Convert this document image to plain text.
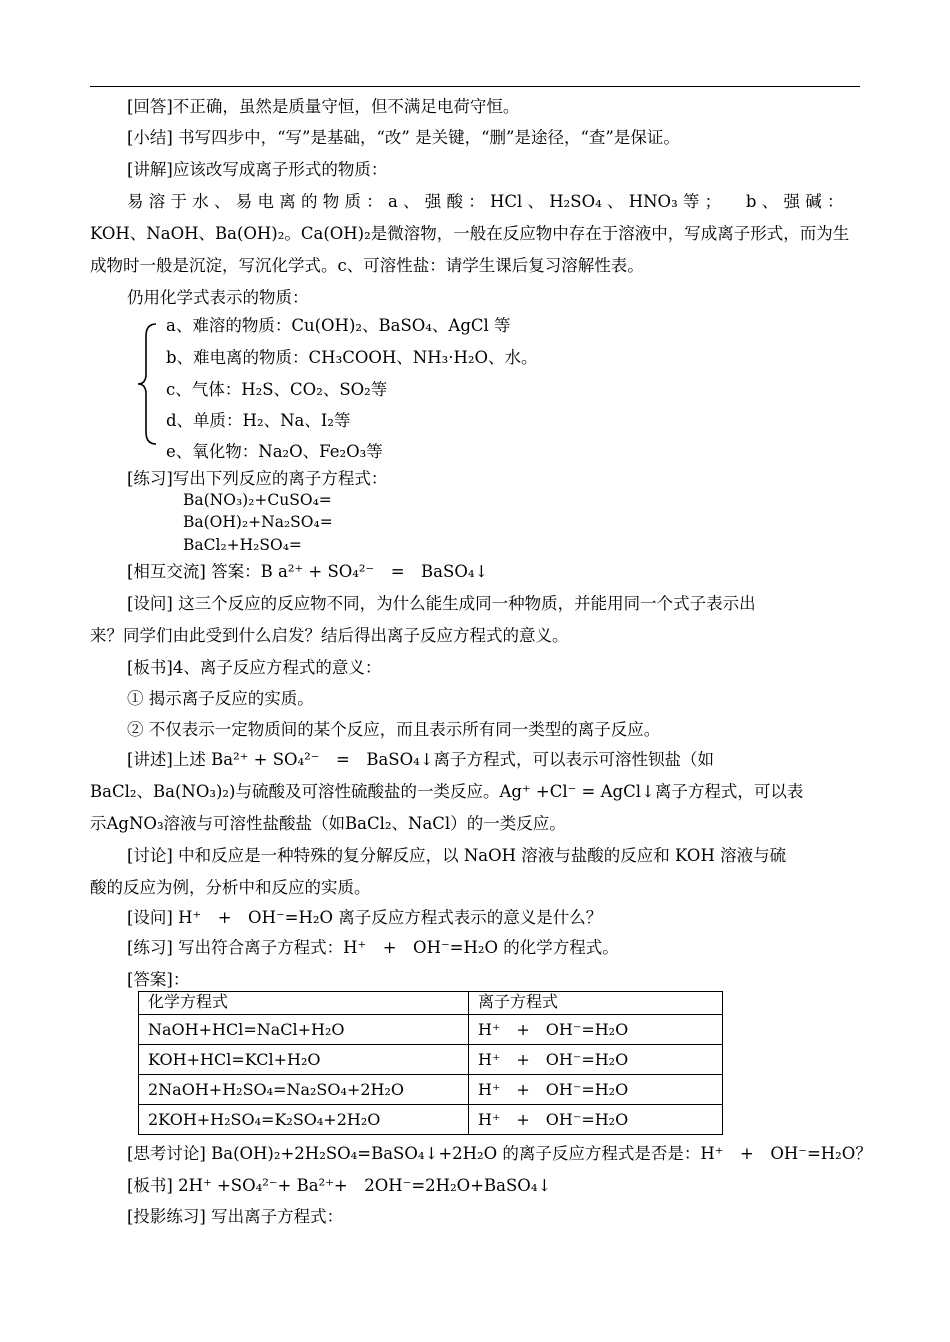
[回答]不正确，虽然是质量守恒，但不满足电荷守恒。
[小结] 书写四步中，“写”是基础，“改” 是关键，“删”是途径，“查”是保证。
[讲解]应该改写成离子形式的物质：
易 溶 于 水 、 易 电 离 的 物 质 ： a 、 强 酸 ： HCl 、 H₂SO₄ 、 HNO₃ 等 ；　　b 、 强 碱 ：
KOH、NaOH、Ba(OH)₂。Ca(OH)₂是微溶物，一般在反应物中存在于溶液中，写成离子形式，而为生
成物时一般是沉淀，写沉化学式。c、可溶性盐：请学生课后复习溶解性表。
仍用化学式表示的物质：
a、难溶的物质：Cu(OH)₂、BaSO₄、AgCl 等
b、难电离的物质：CH₃COOH、NH₃·H₂O、水。
c、气体：H₂S、CO₂、SO₂等
d、单质：H₂、Na、I₂等
e、氧化物：Na₂O、Fe₂O₃等
[练习]写出下列反应的离子方程式：
Ba(NO₃)₂+CuSO₄=
Ba(OH)₂+Na₂SO₄=
BaCl₂+H₂SO₄=
[相互交流] 答案：B a²⁺ + SO₄²⁻　=　BaSO₄↓
[设问] 这三个反应的反应物不同，为什么能生成同一种物质，并能用同一个式子表示出
来？同学们由此受到什么启发？结后得出离子反应方程式的意义。
[板书]4、离子反应方程式的意义：
① 揭示离子反应的实质。
② 不仅表示一定物质间的某个反应，而且表示所有同一类型的离子反应。
[讲述]上述 Ba²⁺ + SO₄²⁻　=　BaSO₄↓离子方程式，可以表示可溶性钡盐（如
BaCl₂、Ba(NO₃)₂)与硫酸及可溶性硫酸盐的一类反应。Ag⁺ +Cl⁻ = AgCl↓离子方程式，可以表
示AgNO₃溶液与可溶性盐酸盐（如BaCl₂、NaCl）的一类反应。
[讨论] 中和反应是一种特殊的复分解反应，以 NaOH 溶液与盐酸的反应和 KOH 溶液与硫
酸的反应为例，分析中和反应的实质。
[设问] H⁺　+　OH⁻=H₂O 离子反应方程式表示的意义是什么？
[练习] 写出符合离子方程式：H⁺　+　OH⁻=H₂O 的化学方程式。
[答案]：
化学方程式	离子方程式
NaOH+HCl=NaCl+H₂O	H⁺　+　OH⁻=H₂O
KOH+HCl=KCl+H₂O	H⁺　+　OH⁻=H₂O
2NaOH+H₂SO₄=Na₂SO₄+2H₂O	H⁺　+　OH⁻=H₂O
2KOH+H₂SO₄=K₂SO₄+2H₂O	H⁺　+　OH⁻=H₂O
[思考讨论] Ba(OH)₂+2H₂SO₄=BaSO₄↓+2H₂O 的离子反应方程式是否是：H⁺　+　OH⁻=H₂O？
[板书] 2H⁺ +SO₄²⁻+ Ba²⁺+　2OH⁻=2H₂O+BaSO₄↓
[投影练习] 写出离子方程式：
